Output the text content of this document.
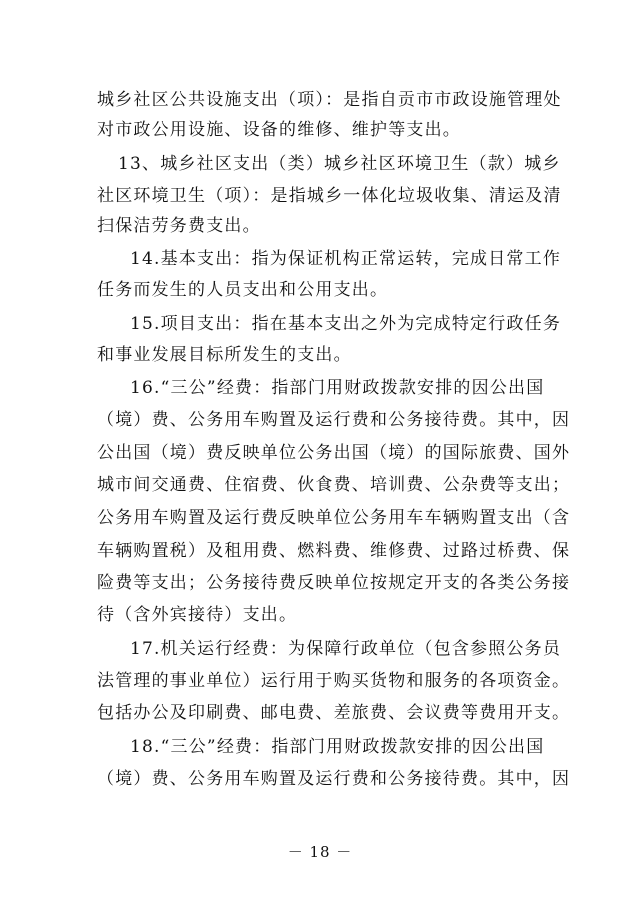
城乡社区公共设施支出（项）：是指自贡市市政设施管理处
对市政公用设施、设备的维修、维护等支出。
13、城乡社区支出（类）城乡社区环境卫生（款）城乡
社区环境卫生（项）：是指城乡一体化垃圾收集、清运及清
扫保洁劳务费支出。
14.基本支出：指为保证机构正常运转，完成日常工作
任务而发生的人员支出和公用支出。
15.项目支出：指在基本支出之外为完成特定行政任务
和事业发展目标所发生的支出。
16.“三公”经费：指部门用财政拨款安排的因公出国
（境）费、公务用车购置及运行费和公务接待费。其中，因
公出国（境）费反映单位公务出国（境）的国际旅费、国外
城市间交通费、住宿费、伙食费、培训费、公杂费等支出；
公务用车购置及运行费反映单位公务用车车辆购置支出（含
车辆购置税）及租用费、燃料费、维修费、过路过桥费、保
险费等支出；公务接待费反映单位按规定开支的各类公务接
待（含外宾接待）支出。
17.机关运行经费：为保障行政单位（包含参照公务员
法管理的事业单位）运行用于购买货物和服务的各项资金。
包括办公及印刷费、邮电费、差旅费、会议费等费用开支。
18.“三公”经费：指部门用财政拨款安排的因公出国
（境）费、公务用车购置及运行费和公务接待费。其中，因
－ 18 －
